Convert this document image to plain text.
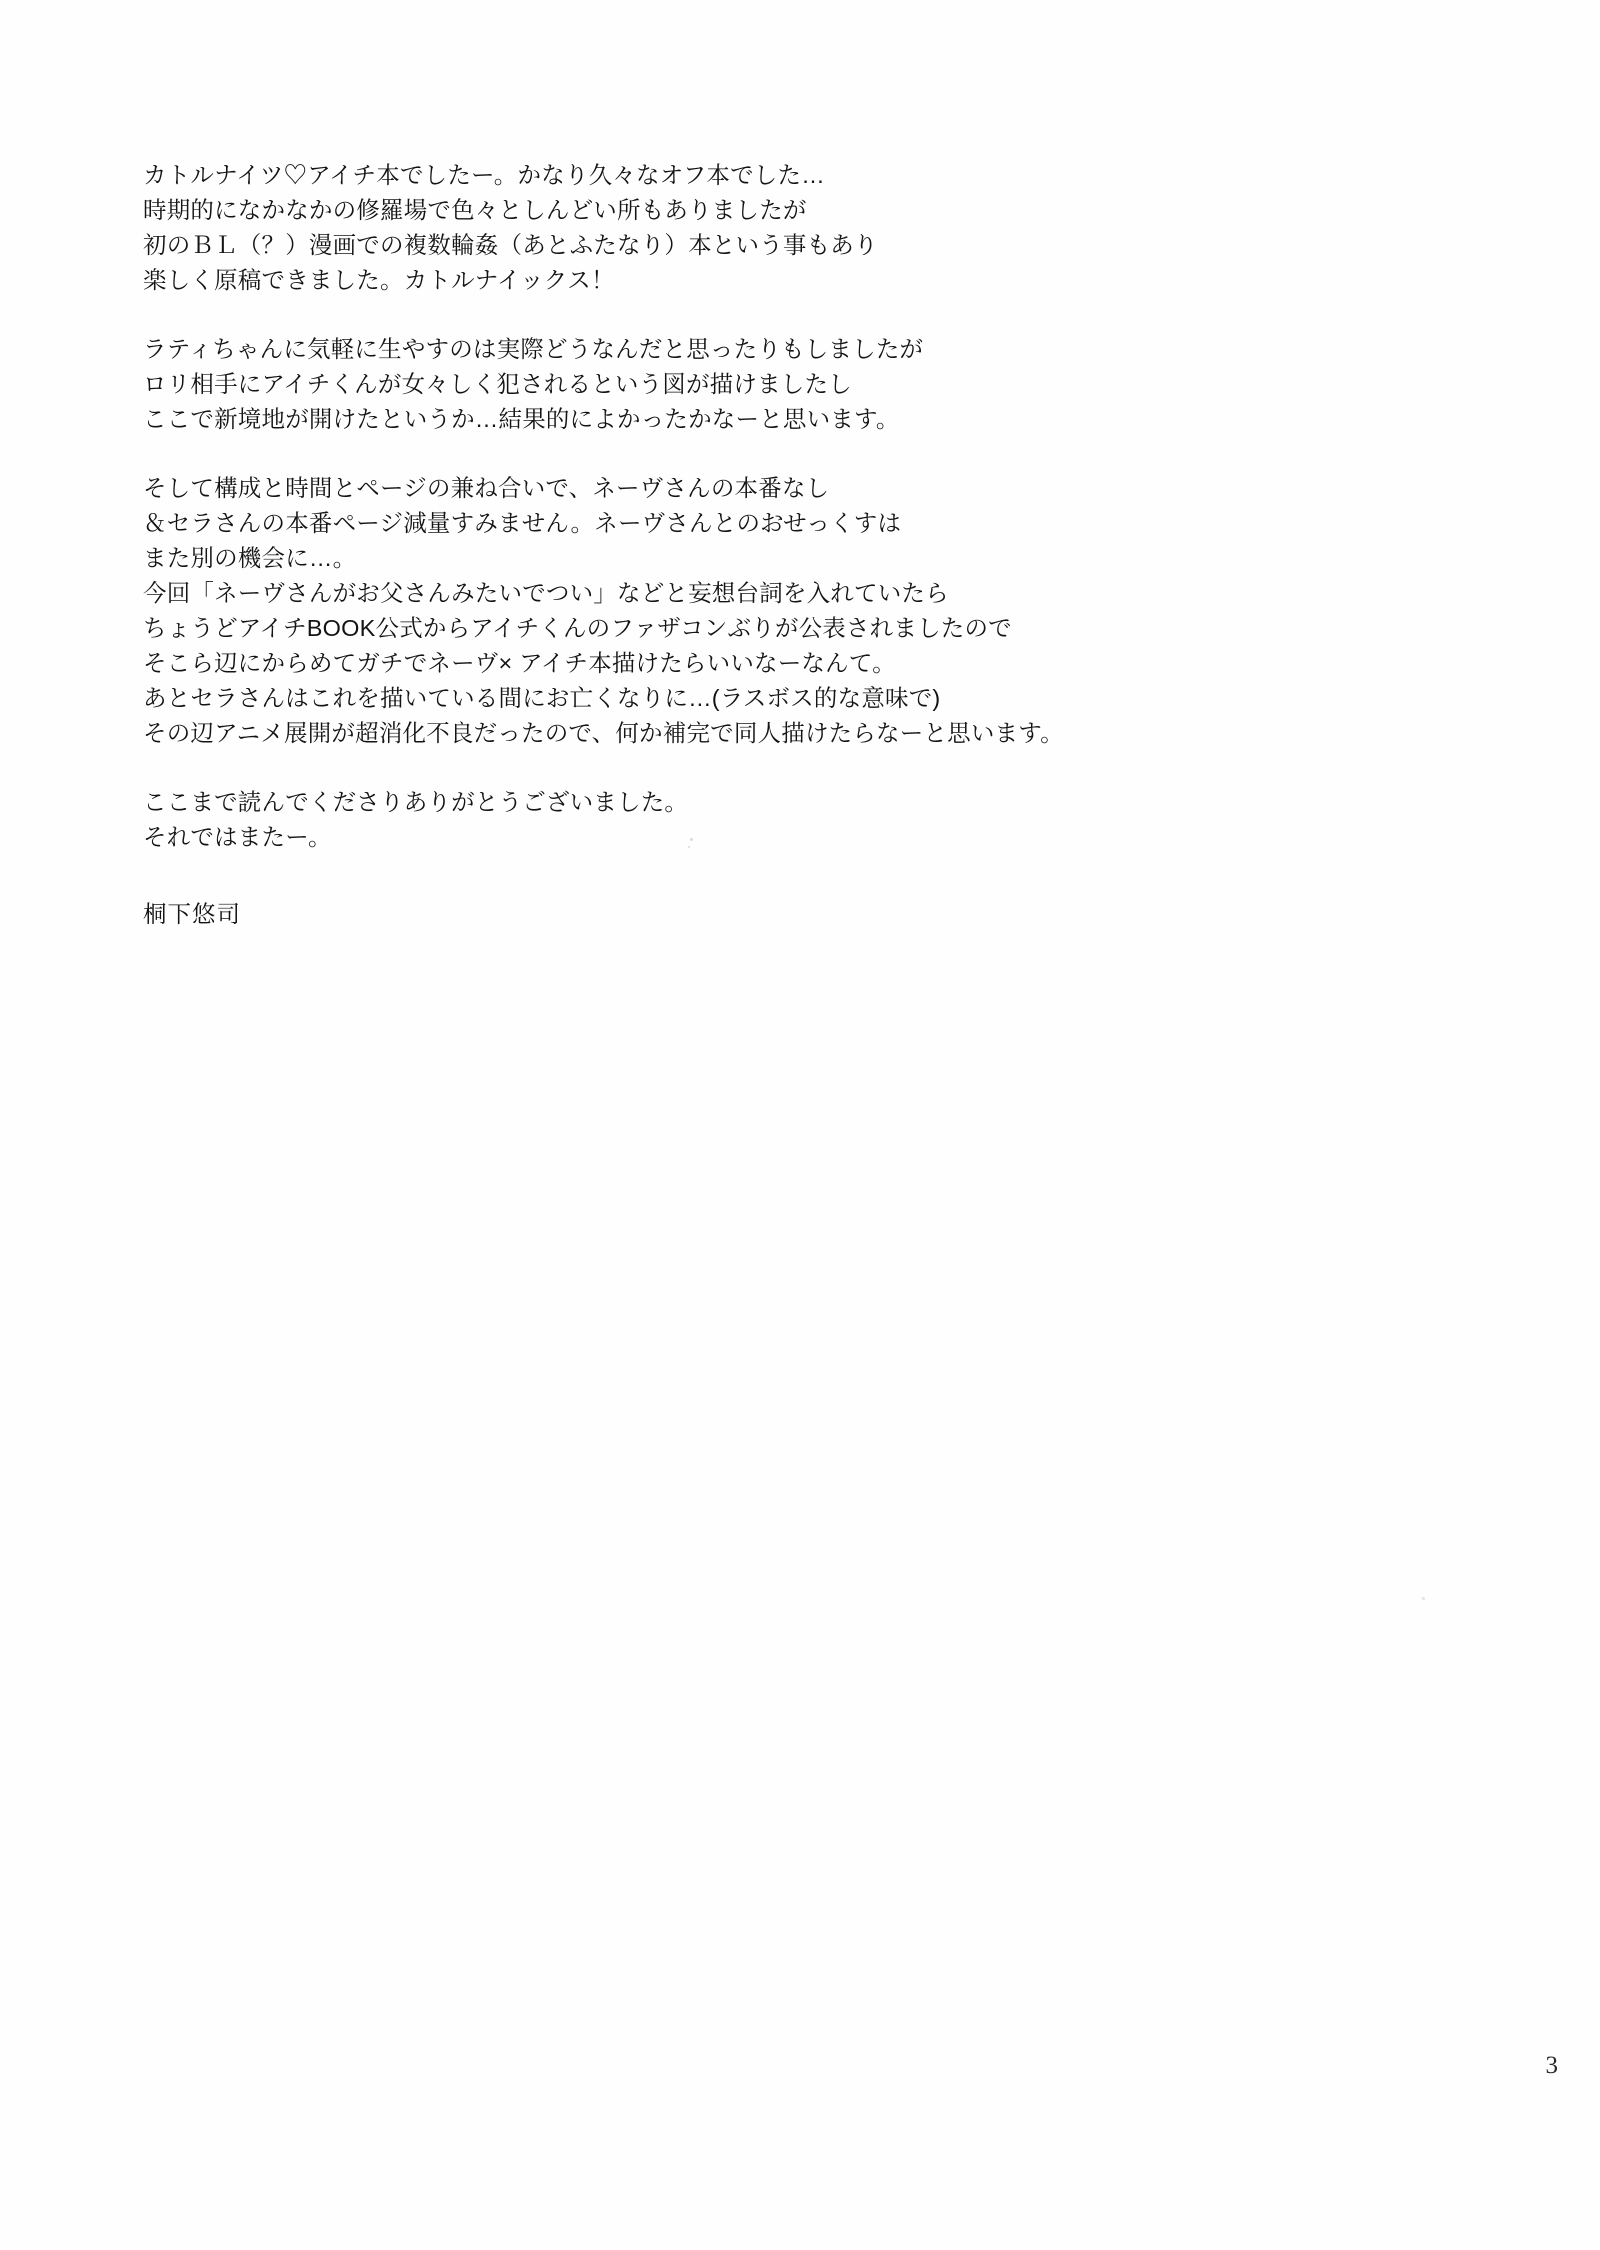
カトルナイツ♡アイチ本でしたー。かなり久々なオフ本でした…
時期的になかなかの修羅場で色々としんどい所もありましたが
初のＢＬ（？）漫画での複数輪姦（あとふたなり）本という事もあり
楽しく原稿できました。カトルナイックス！
ラティちゃんに気軽に生やすのは実際どうなんだと思ったりもしましたが
ロリ相手にアイチくんが女々しく犯されるという図が描けましたし
ここで新境地が開けたというか…結果的によかったかなーと思います。
そして構成と時間とページの兼ね合いで、ネーヴさんの本番なし
＆セラさんの本番ページ減量すみません。ネーヴさんとのおせっくすは
また別の機会に…。
今回「ネーヴさんがお父さんみたいでつい」などと妄想台詞を入れていたら
ちょうどアイチBOOK公式からアイチくんのファザコンぶりが公表されましたので
そこら辺にからめてガチでネーヴ× アイチ本描けたらいいなーなんて。
あとセラさんはこれを描いている間にお亡くなりに…(ラスボス的な意味で)
その辺アニメ展開が超消化不良だったので、何か補完で同人描けたらなーと思います。
ここまで読んでくださりありがとうございました。
それではまたー。
桐下悠司
3
